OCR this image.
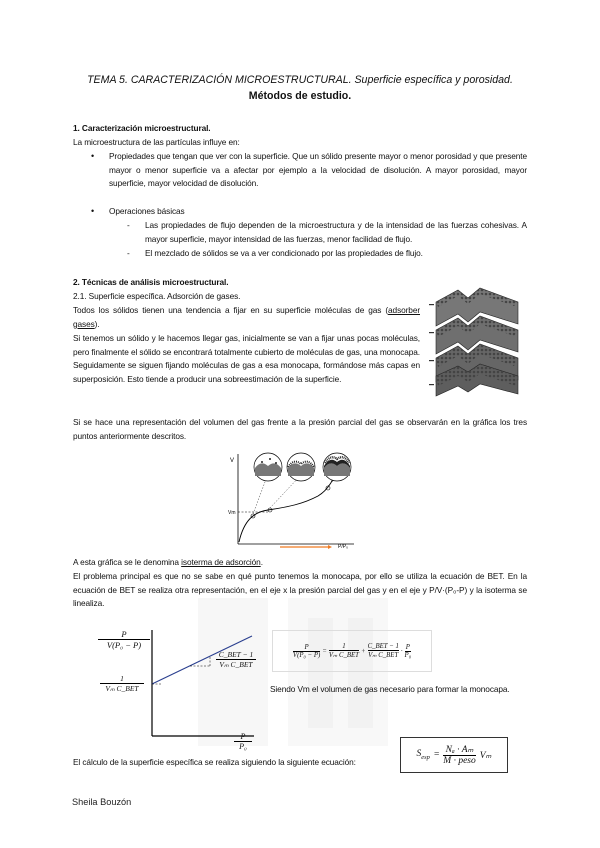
TEMA 5. CARACTERIZACIÓN MICROESTRUCTURAL. Superficie específica y porosidad.
Métodos de estudio.
1. Caracterización microestructural.
La microestructura de las partículas influye en:
• Propiedades que tengan que ver con la superficie. Que un sólido presente mayor o menor porosidad y que presente mayor o menor superficie va a afectar por ejemplo a la velocidad de disolución. A mayor porosidad, mayor superficie, mayor velocidad de disolución.
• Operaciones básicas
- Las propiedades de flujo dependen de la microestructura y de la intensidad de las fuerzas cohesivas. A mayor superficie, mayor intensidad de las fuerzas, menor facilidad de flujo.
- El mezclado de sólidos se va a ver condicionado por las propiedades de flujo.
2. Técnicas de análisis microestructural.
2.1. Superficie específica. Adsorción de gases.
Todos los sólidos tienen una tendencia a fijar en su superficie moléculas de gas (adsorber gases).
Si tenemos un sólido y le hacemos llegar gas, inicialmente se van a fijar unas pocas moléculas, pero finalmente el sólido se encontrará totalmente cubierto de moléculas de gas, una monocapa. Seguidamente se siguen fijando moléculas de gas a esa monocapa, formándose más capas en superposición. Esto tiende a producir una sobreestimación de la superficie.
Si se hace una representación del volumen del gas frente a la presión parcial del gas se observarán en la gráfica los tres puntos anteriormente descritos.
V
Vm
P/P₀
A esta gráfica se le denomina isoterma de adsorción.
El problema principal es que no se sabe en qué punto tenemos la monocapa, por ello se utiliza la ecuación de BET. En la ecuación de BET se realiza otra representación, en el eje x la presión parcial del gas y en el eje y P/V·(P₀-P) y la isoterma se linealiza.
$\frac{P}{\text{V(P₀ − P)}}$
1
Vₘ C_BET
C_BET − 1
Vₘ C_BET
$\frac{P}{\text{P₀}}$
$\frac{P}{\text{V(P₀ − P)}} = \frac{1}{\text{Vₘ C\_BET}} + \frac{\text{C\_BET − 1}}{\text{Vₘ C\_BET}} \cdot \frac{P}{\text{P₀}}$
Siendo Vm el volumen de gas necesario para formar la monocapa.
El cálculo de la superficie específica se realiza siguiendo la siguiente ecuación:
$S_{esp} = \frac{\text{Nₐ · Aₘ}}{\text{M · peso}}$ Vₘ
Sheila Bouzón
